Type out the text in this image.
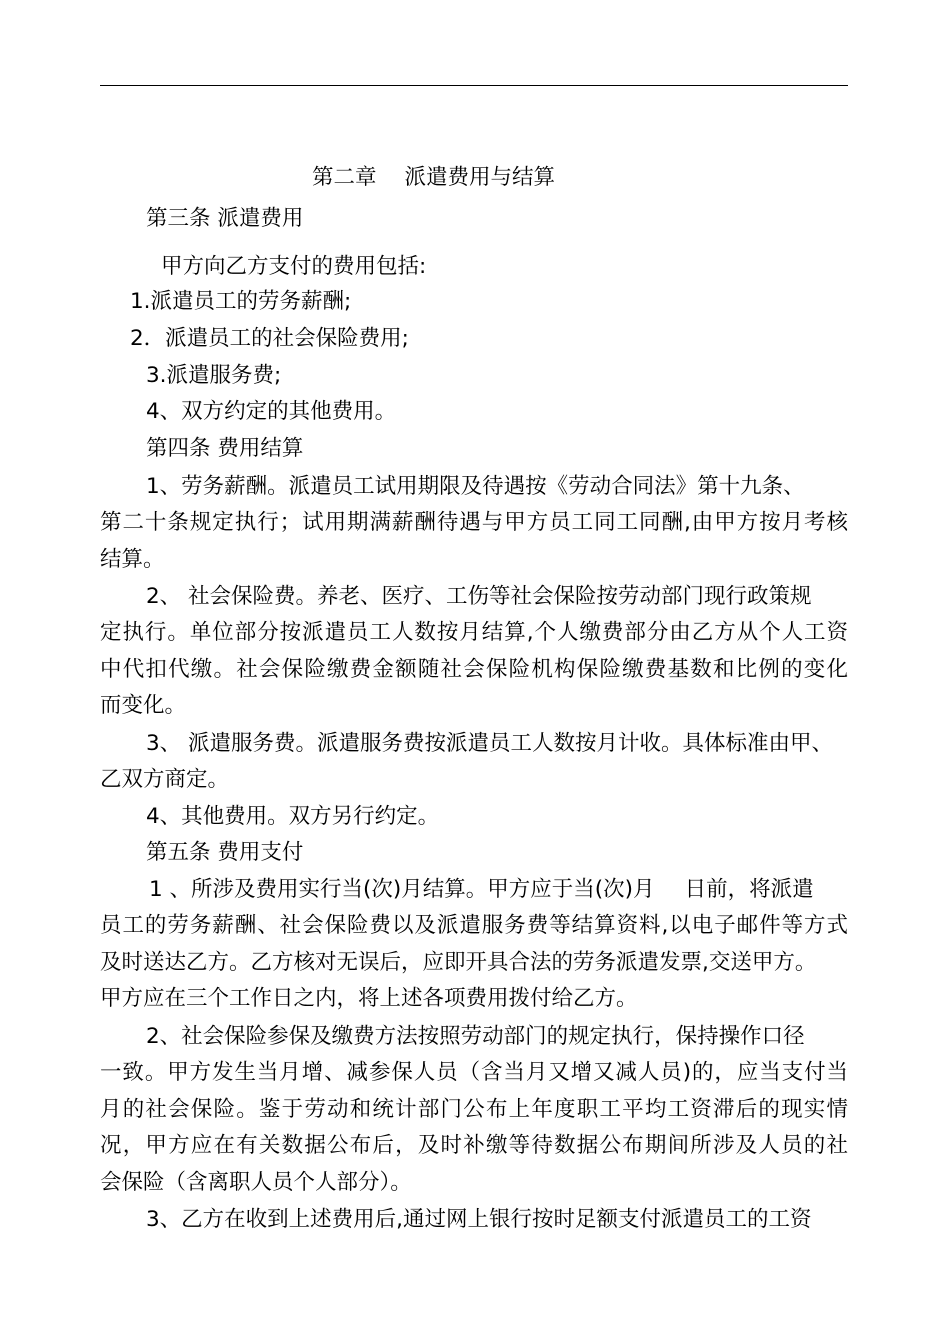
第二章 派遣费用与结算
第三条 派遣费用
甲方向乙方支付的费用包括:
1.派遣员工的劳务薪酬;
2．派遣员工的社会保险费用;
3.派遣服务费;
4、双方约定的其他费用。
第四条 费用结算
1、劳务薪酬。派遣员工试用期限及待遇按《劳动合同法》第十九条、
第二十条规定执行；试用期满薪酬待遇与甲方员工同工同酬,由甲方按月考核
结算。
2、 社会保险费。养老、医疗、工伤等社会保险按劳动部门现行政策规
定执行。单位部分按派遣员工人数按月结算,个人缴费部分由乙方从个人工资
中代扣代缴。社会保险缴费金额随社会保险机构保险缴费基数和比例的变化
而变化。
3、 派遣服务费。派遣服务费按派遣员工人数按月计收。具体标准由甲、
乙双方商定。
4、其他费用。双方另行约定。
第五条 费用支付
1 、所涉及费用实行当(次)月结算。甲方应于当(次)月 日前，将派遣
员工的劳务薪酬、社会保险费以及派遣服务费等结算资料,以电子邮件等方式
及时送达乙方。乙方核对无误后，应即开具合法的劳务派遣发票,交送甲方。
甲方应在三个工作日之内，将上述各项费用拨付给乙方。
2、社会保险参保及缴费方法按照劳动部门的规定执行，保持操作口径
一致。甲方发生当月增、减参保人员（含当月又增又减人员)的，应当支付当
月的社会保险。鉴于劳动和统计部门公布上年度职工平均工资滞后的现实情
况，甲方应在有关数据公布后，及时补缴等待数据公布期间所涉及人员的社
会保险（含离职人员个人部分）。
3、乙方在收到上述费用后,通过网上银行按时足额支付派遣员工的工资
